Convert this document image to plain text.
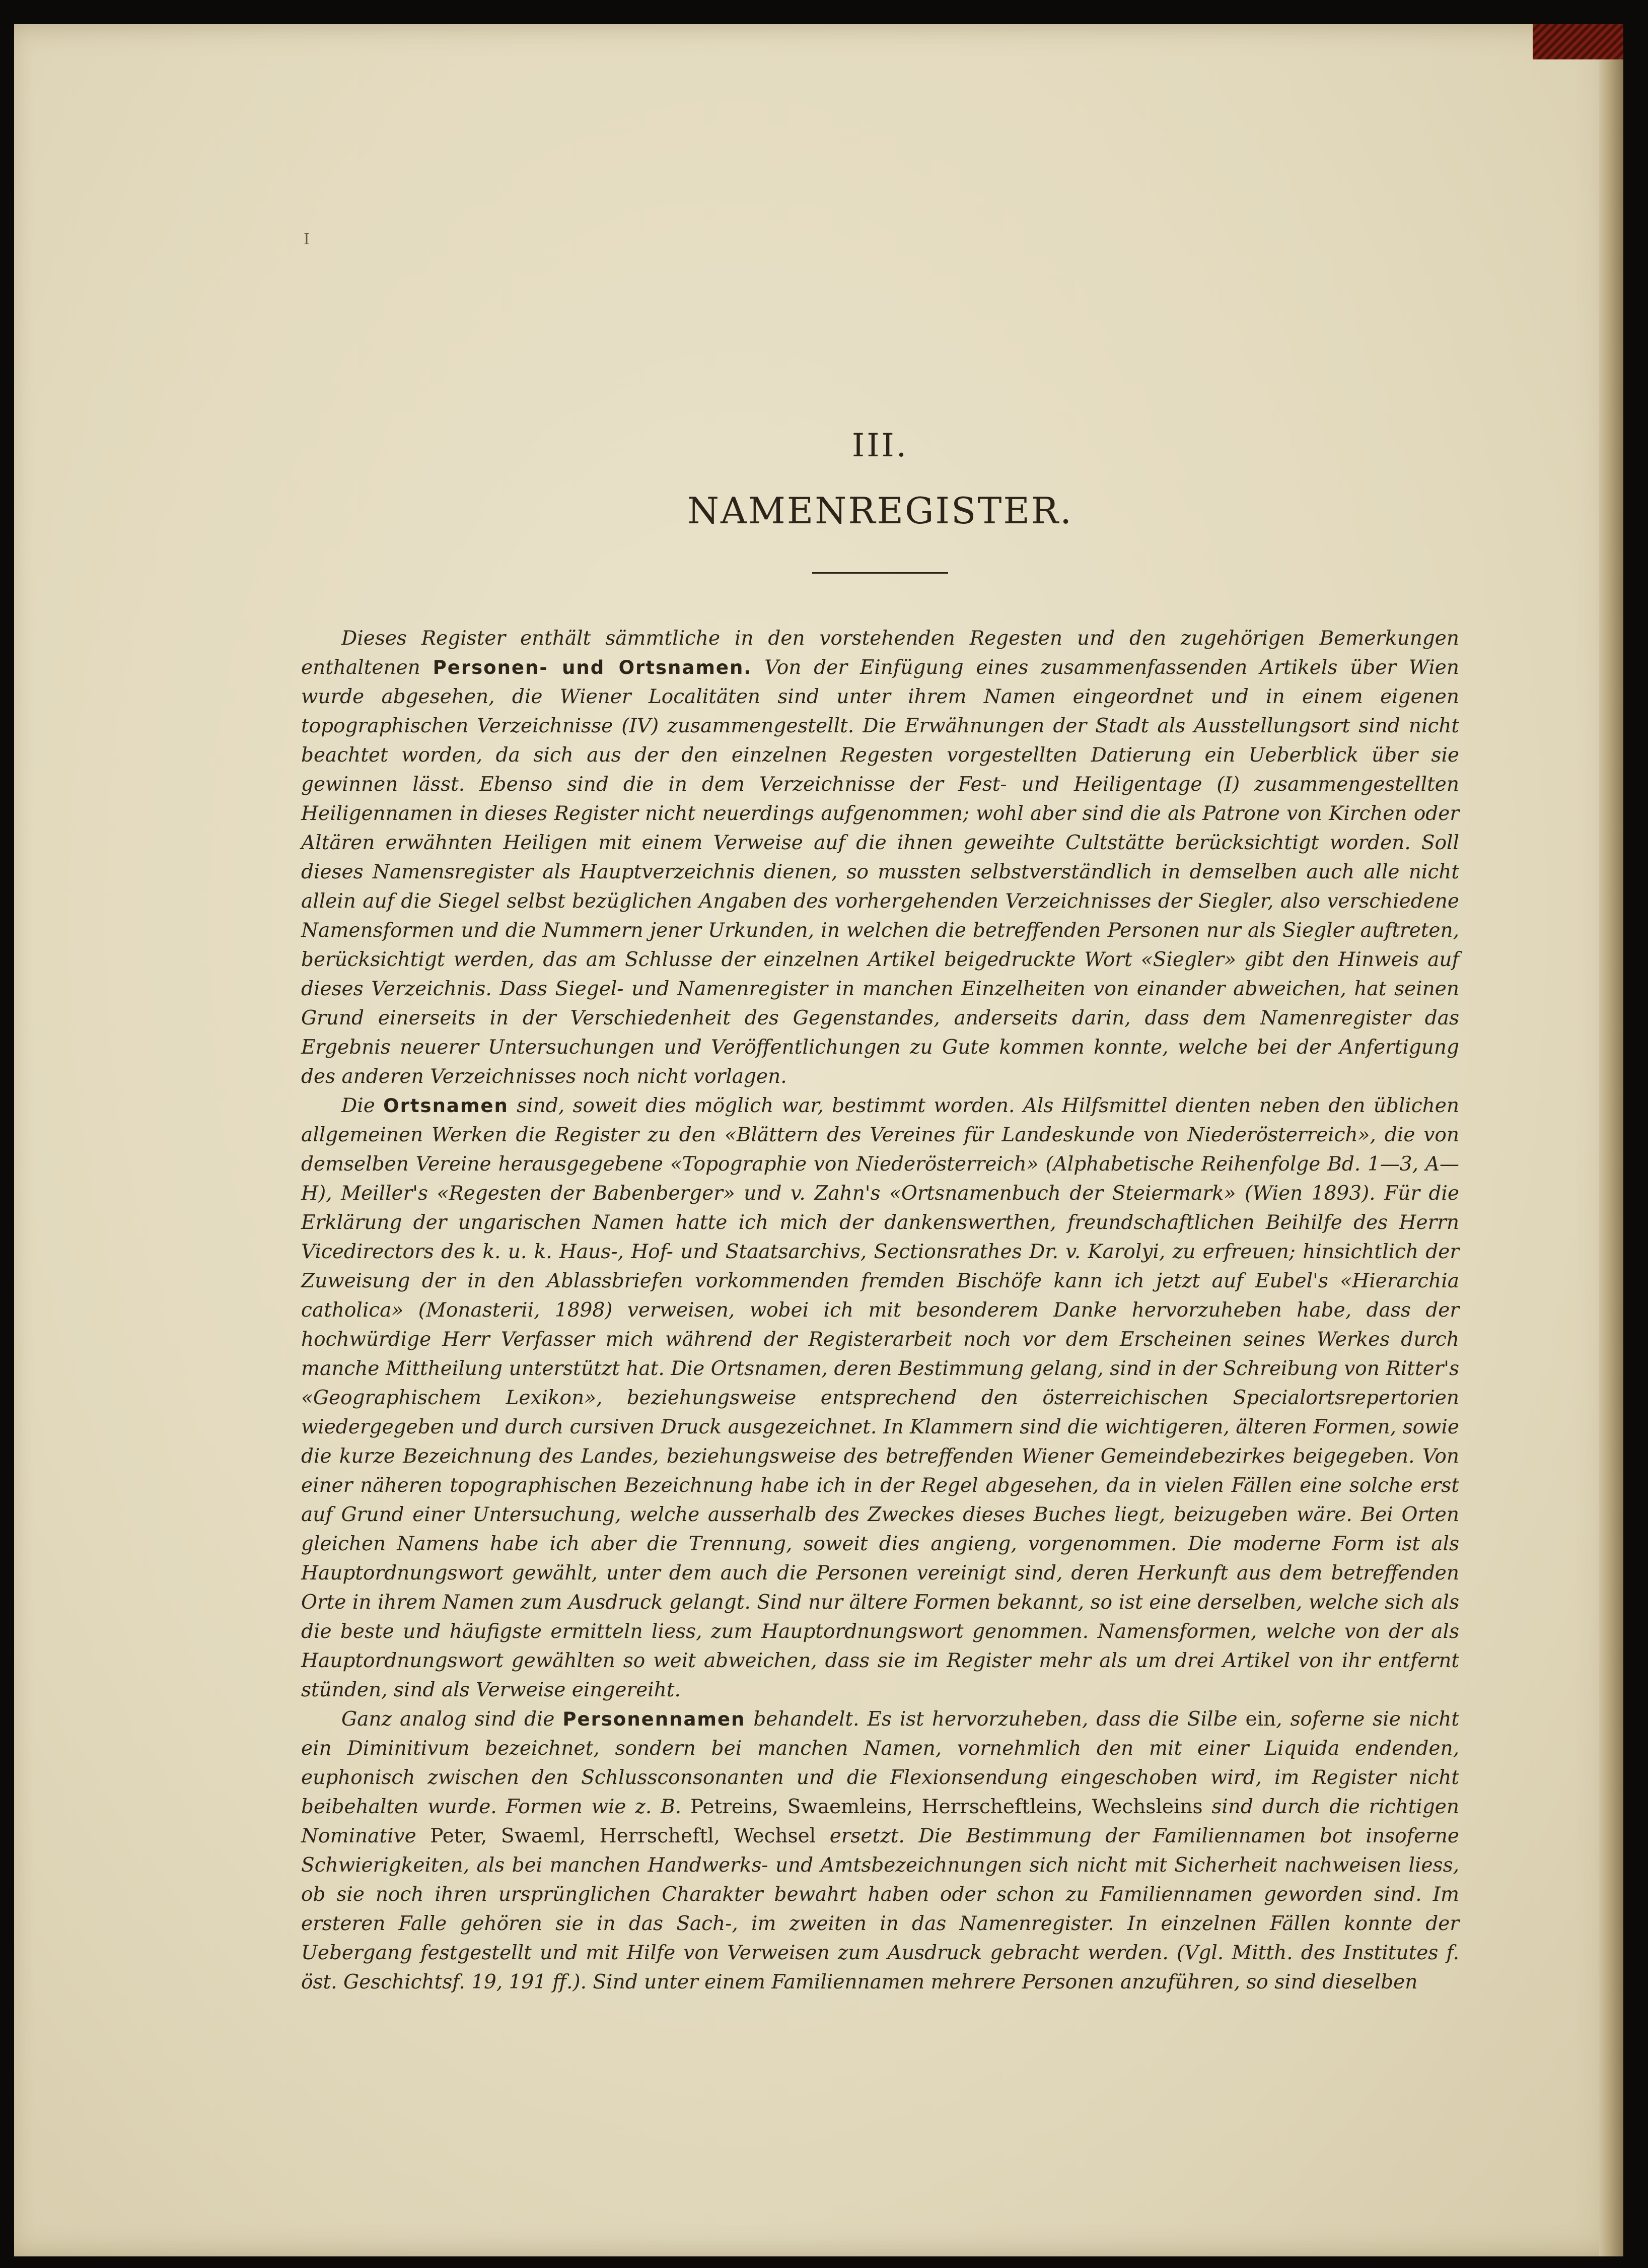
I

III.

NAMENREGISTER.

Dieses Register enthält sämmtliche in den vorstehenden Regesten und den zugehörigen Bemerkungen enthaltenen Personen- und Ortsnamen. Von der Einfügung eines zusammenfassenden Artikels über Wien wurde abgesehen, die Wiener Localitäten sind unter ihrem Namen eingeordnet und in einem eigenen topographischen Verzeichnisse (IV) zusammengestellt. Die Erwähnungen der Stadt als Ausstellungsort sind nicht beachtet worden, da sich aus der den einzelnen Regesten vorgestellten Datierung ein Ueberblick über sie gewinnen lässt. Ebenso sind die in dem Verzeichnisse der Fest- und Heiligentage (I) zusammengestellten Heiligennamen in dieses Register nicht neuerdings aufgenommen; wohl aber sind die als Patrone von Kirchen oder Altären erwähnten Heiligen mit einem Verweise auf die ihnen geweihte Cultstätte berücksichtigt worden. Soll dieses Namensregister als Hauptverzeichnis dienen, so mussten selbstverständlich in demselben auch alle nicht allein auf die Siegel selbst bezüglichen Angaben des vorhergehenden Verzeichnisses der Siegler, also verschiedene Namensformen und die Nummern jener Urkunden, in welchen die betreffenden Personen nur als Siegler auftreten, berücksichtigt werden, das am Schlusse der einzelnen Artikel beigedruckte Wort «Siegler» gibt den Hinweis auf dieses Verzeichnis. Dass Siegel- und Namenregister in manchen Einzelheiten von einander abweichen, hat seinen Grund einerseits in der Verschiedenheit des Gegenstandes, anderseits darin, dass dem Namenregister das Ergebnis neuerer Untersuchungen und Veröffentlichungen zu Gute kommen konnte, welche bei der Anfertigung des anderen Verzeichnisses noch nicht vorlagen.

Die Ortsnamen sind, soweit dies möglich war, bestimmt worden. Als Hilfsmittel dienten neben den üblichen allgemeinen Werken die Register zu den «Blättern des Vereines für Landeskunde von Niederösterreich», die von demselben Vereine herausgegebene «Topographie von Niederösterreich» (Alphabetische Reihenfolge Bd. 1—3, A—H), Meiller's «Regesten der Babenberger» und v. Zahn's «Ortsnamenbuch der Steiermark» (Wien 1893). Für die Erklärung der ungarischen Namen hatte ich mich der dankenswerthen, freundschaftlichen Beihilfe des Herrn Vicedirectors des k. u. k. Haus-, Hof- und Staatsarchivs, Sectionsrathes Dr. v. Karolyi, zu erfreuen; hinsichtlich der Zuweisung der in den Ablassbriefen vorkommenden fremden Bischöfe kann ich jetzt auf Eubel's «Hierarchia catholica» (Monasterii, 1898) verweisen, wobei ich mit besonderem Danke hervorzuheben habe, dass der hochwürdige Herr Verfasser mich während der Registerarbeit noch vor dem Erscheinen seines Werkes durch manche Mittheilung unterstützt hat. Die Ortsnamen, deren Bestimmung gelang, sind in der Schreibung von Ritter's «Geographischem Lexikon», beziehungsweise entsprechend den österreichischen Specialortsrepertorien wiedergegeben und durch cursiven Druck ausgezeichnet. In Klammern sind die wichtigeren, älteren Formen, sowie die kurze Bezeichnung des Landes, beziehungsweise des betreffenden Wiener Gemeindebezirkes beigegeben. Von einer näheren topographischen Bezeichnung habe ich in der Regel abgesehen, da in vielen Fällen eine solche erst auf Grund einer Untersuchung, welche ausserhalb des Zweckes dieses Buches liegt, beizugeben wäre. Bei Orten gleichen Namens habe ich aber die Trennung, soweit dies angieng, vorgenommen. Die moderne Form ist als Hauptordnungswort gewählt, unter dem auch die Personen vereinigt sind, deren Herkunft aus dem betreffenden Orte in ihrem Namen zum Ausdruck gelangt. Sind nur ältere Formen bekannt, so ist eine derselben, welche sich als die beste und häufigste ermitteln liess, zum Hauptordnungswort genommen. Namensformen, welche von der als Hauptordnungswort gewählten so weit abweichen, dass sie im Register mehr als um drei Artikel von ihr entfernt stünden, sind als Verweise eingereiht.

Ganz analog sind die Personennamen behandelt. Es ist hervorzuheben, dass die Silbe ein, soferne sie nicht ein Diminitivum bezeichnet, sondern bei manchen Namen, vornehmlich den mit einer Liquida endenden, euphonisch zwischen den Schlussconsonanten und die Flexionsendung eingeschoben wird, im Register nicht beibehalten wurde. Formen wie z. B. Petreins, Swaemleins, Herrscheftleins, Wechsleins sind durch die richtigen Nominative Peter, Swaeml, Herrscheftl, Wechsel ersetzt. Die Bestimmung der Familiennamen bot insoferne Schwierigkeiten, als bei manchen Handwerks- und Amtsbezeichnungen sich nicht mit Sicherheit nachweisen liess, ob sie noch ihren ursprünglichen Charakter bewahrt haben oder schon zu Familiennamen geworden sind. Im ersteren Falle gehören sie in das Sach-, im zweiten in das Namenregister. In einzelnen Fällen konnte der Uebergang festgestellt und mit Hilfe von Verweisen zum Ausdruck gebracht werden. (Vgl. Mitth. des Institutes f. öst. Geschichtsf. 19, 191 ff.). Sind unter einem Familiennamen mehrere Personen anzuführen, so sind dieselben
